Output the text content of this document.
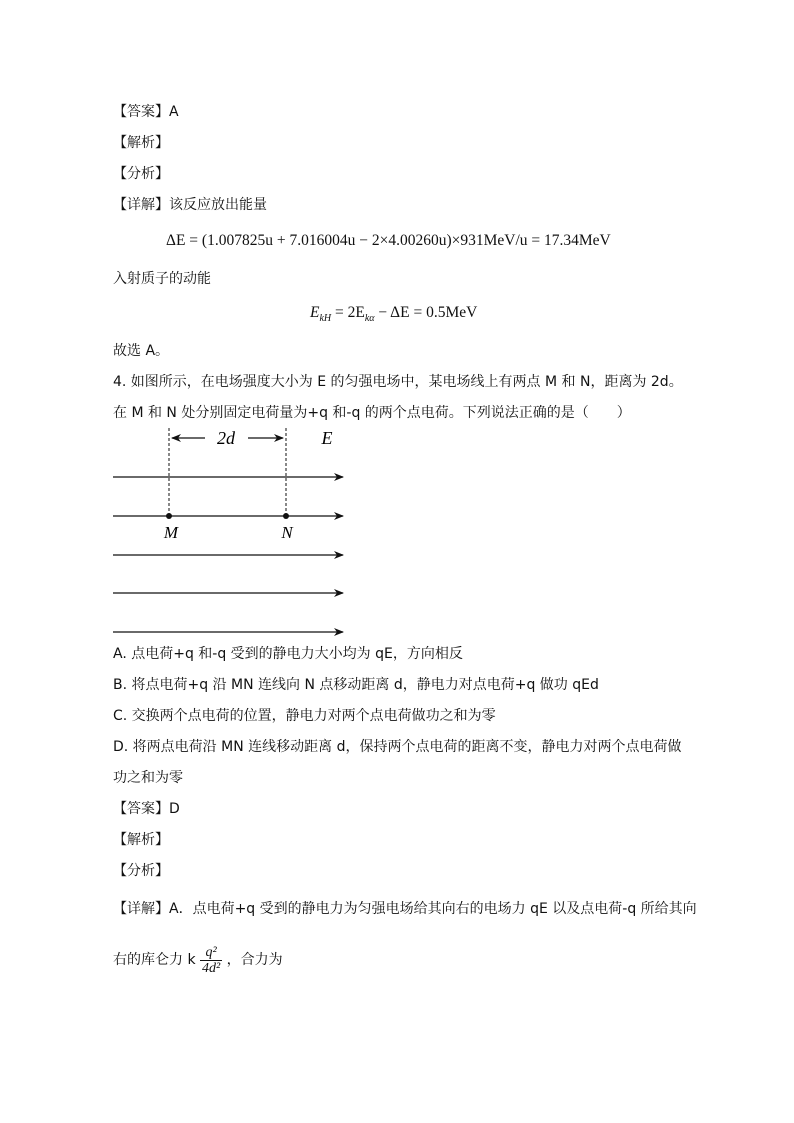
【答案】A
【解析】
【分析】
【详解】该反应放出能量
ΔE = (1.007825u + 7.016004u − 2×4.00260u)×931MeV/u = 17.34MeV
入射质子的动能
$E_{kH} = 2E_{k\alpha} - \Delta E = 0.5MeV$
故选 A。
4. 如图所示，在电场强度大小为 E 的匀强电场中，某电场线上有两点 M 和 N，距离为 2d。
在 M 和 N 处分别固定电荷量为+q 和-q 的两个点电荷。下列说法正确的是（　　）
2d	E
M	N
A. 点电荷+q 和-q 受到的静电力大小均为 qE，方向相反
B. 将点电荷+q 沿 MN 连线向 N 点移动距离 d，静电力对点电荷+q 做功 qEd
C. 交换两个点电荷的位置，静电力对两个点电荷做功之和为零
D. 将两点电荷沿 MN 连线移动距离 d，保持两个点电荷的距离不变，静电力对两个点电荷做
功之和为零
【答案】D
【解析】
【分析】
【详解】A．点电荷+q 受到的静电力为匀强电场给其向右的电场力 qE 以及点电荷-q 所给其向
右的库仑力 k $\frac{\text{q²}}{\text{4d²}}$ ，合力为
